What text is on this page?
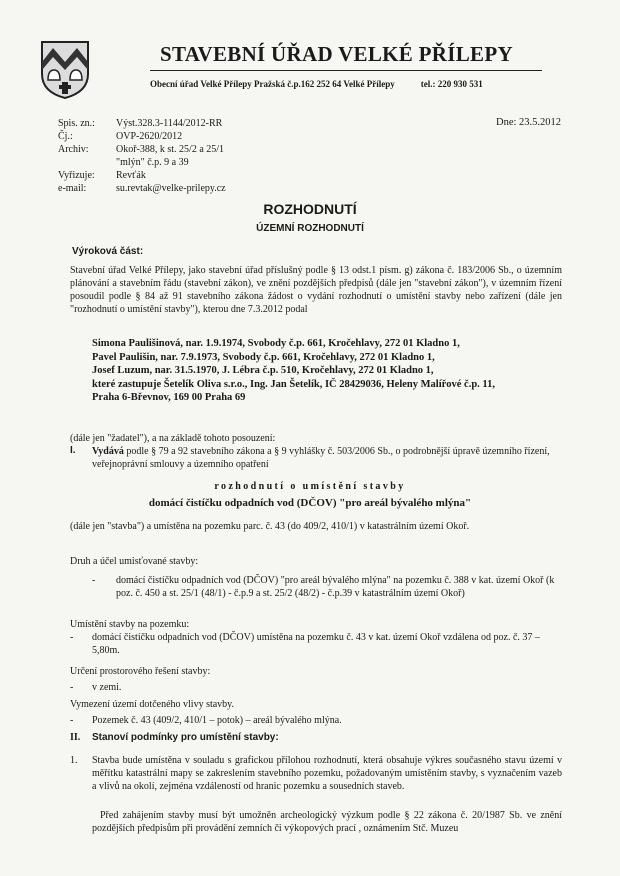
STAVEBNÍ ÚŘAD VELKÉ PŘÍLEPY
Obecní úřad Velké Přílepy Pražská č.p.162 252 64 Velké Přílepy	tel.: 220 930 531
Spis. zn.:	Výst.328.3-1144/2012-RR
Čj.:	OVP-2620/2012
Archiv:	Okoř-388, k st. 25/2 a 25/1
	"mlýn" č.p. 9 a 39
Vyřizuje:	Revťák
e-mail:	su.revtak@velke-prilepy.cz
Dne: 23.5.2012
ROZHODNUTÍ
ÚZEMNÍ ROZHODNUTÍ
Výroková část:
Stavební úřad Velké Přílepy, jako stavební úřad příslušný podle § 13 odst.1 písm. g) zákona č. 183/2006 Sb., o územním plánování a stavebním řádu (stavební zákon), ve znění pozdějších předpisů (dále jen "stavební zákon"), v územním řízení posoudil podle § 84 až 91 stavebního zákona žádost o vydání rozhodnutí o umístění stavby nebo zařízení (dále jen "rozhodnutí o umístění stavby"), kterou dne 7.3.2012 podal
Simona Paulišinová, nar. 1.9.1974, Svobody č.p. 661, Kročehlavy, 272 01 Kladno 1,
Pavel Paulišin, nar. 7.9.1973, Svobody č.p. 661, Kročehlavy, 272 01 Kladno 1,
Josef Luzum, nar. 31.5.1970, J. Lébra č.p. 510, Kročehlavy, 272 01 Kladno 1,
které zastupuje Šetelík Oliva s.r.o., Ing. Jan Šetelík, IČ 28429036, Heleny Malířové č.p. 11,
Praha 6-Břevnov, 169 00 Praha 69
(dále jen "žadatel"), a na základě tohoto posouzení:
I. Vydává podle § 79 a 92 stavebního zákona a § 9 vyhlášky č. 503/2006 Sb., o podrobnější úpravě územního řízení, veřejnoprávní smlouvy a územního opatření
rozhodnutí o umístění stavby
domácí čistíčku odpadních vod (DČOV) "pro areál bývalého mlýna"
(dále jen "stavba") a umístěna na pozemku parc. č. 43 (do 409/2, 410/1) v katastrálním území Okoř.
Druh a účel umisťované stavby:
- domácí čistíčku odpadních vod (DČOV) "pro areál bývalého mlýna" na pozemku č. 388 v kat. území Okoř (k poz. č. 450 a st. 25/1 (48/1) - č.p.9 a st. 25/2 (48/2) - č.p.39 v katastrálním území Okoř)
Umístění stavby na pozemku:
- domácí čistíčku odpadních vod (DČOV) umístěna na pozemku č. 43 v kat. území Okoř vzdálena od poz. č. 37 – 5,80m.
Určení prostorového řešení stavby:
- v zemi.
Vymezení území dotčeného vlivy stavby.
- Pozemek č. 43 (409/2, 410/1 – potok) – areál bývalého mlýna.
II. Stanoví podmínky pro umístění stavby:
1. Stavba bude umístěna v souladu s grafickou přílohou rozhodnutí, která obsahuje výkres současného stavu území v měřítku katastrální mapy se zakreslením stavebního pozemku, požadovaným umístěním stavby, s vyznačením vazeb a vlivů na okolí, zejména vzdáleností od hranic pozemku a sousedních staveb.
Před zahájením stavby musí být umožněn archeologický výzkum podle § 22 zákona č. 20/1987 Sb. ve znění pozdějších předpisům při provádění zemních či výkopových prací , oznámením Stč. Muzeu
